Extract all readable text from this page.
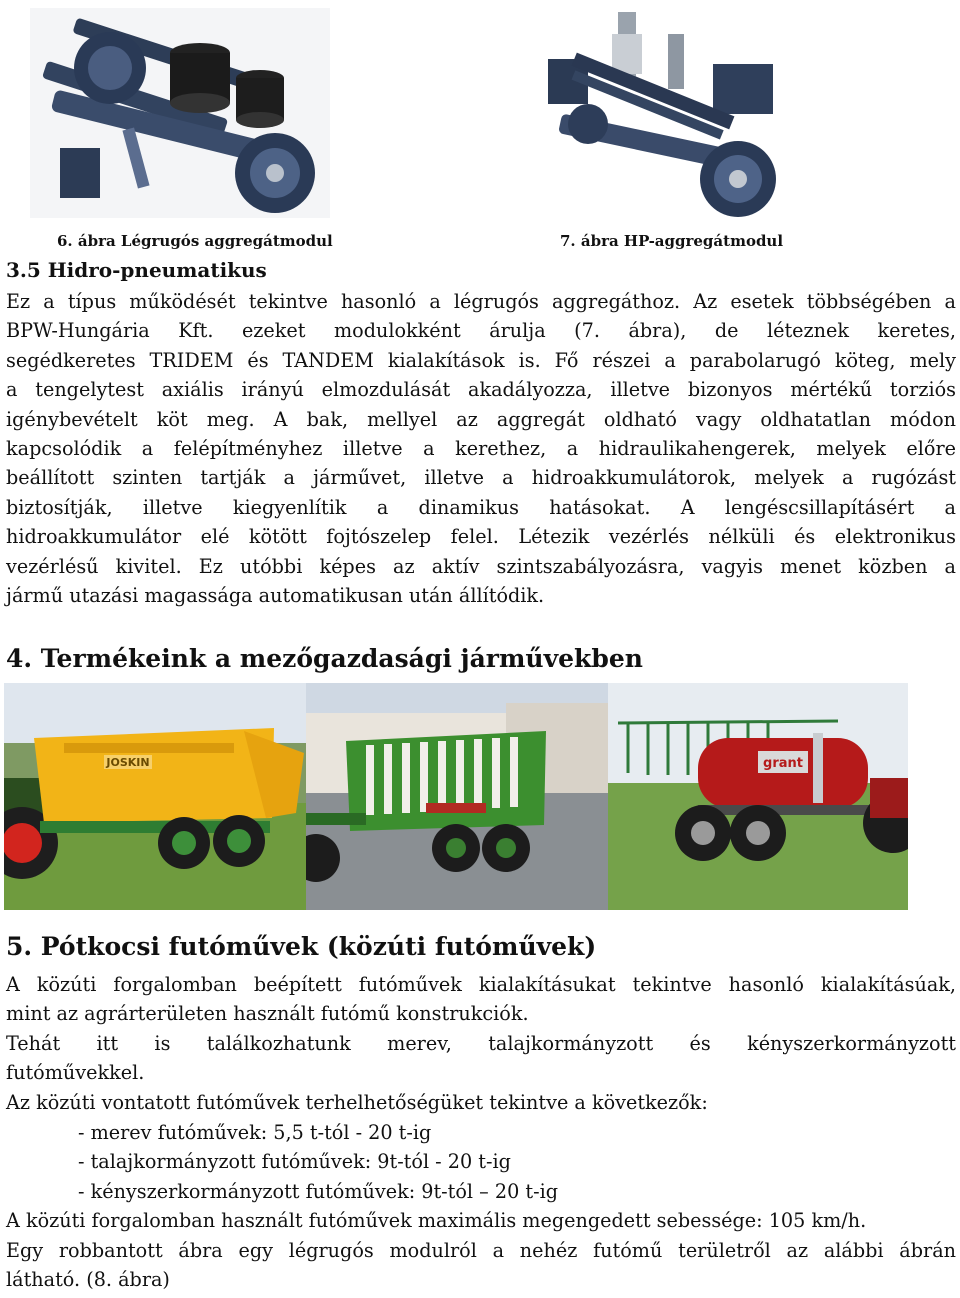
6. ábra Légrugós aggregátmodul	7. ábra HP-aggregátmodul
3.5 Hidro-pneumatikus
Ez a típus működését tekintve hasonló a légrugós aggregáthoz. Az esetek többségében a
BPW-Hungária Kft. ezeket modulokként árulja (7. ábra), de léteznek keretes,
segédkeretes TRIDEM és TANDEM kialakítások is. Fő részei a parabolarugó köteg, mely
a tengelytest axiális irányú elmozdulását akadályozza, illetve bizonyos mértékű torziós
igénybevételt köt meg. A bak, mellyel az aggregát oldható vagy oldhatatlan módon
kapcsolódik a felépítményhez illetve a kerethez, a hidraulikahengerek, melyek előre
beállított szinten tartják a járművet, illetve a hidroakkumulátorok, melyek a rugózást
biztosítják, illetve kiegyenlítik a dinamikus hatásokat. A lengéscsillapításért a
hidroakkumulátor elé kötött fojtószelep felel. Létezik vezérlés nélküli és elektronikus
vezérlésű kivitel. Ez utóbbi képes az aktív szintszabályozásra, vagyis menet közben a
jármű utazási magassága automatikusan után állítódik.
4. Termékeink a mezőgazdasági járművekben
JOSKIN	grant
5. Pótkocsi futóművek (közúti futóművek)
A közúti forgalomban beépített futóművek kialakításukat tekintve hasonló kialakításúak,
mint az agrárterületen használt futómű konstrukciók.
Tehát itt is találkozhatunk merev, talajkormányzott és kényszerkormányzott
futóművekkel.
Az közúti vontatott futóművek terhelhetőségüket tekintve a következők:
- merev futóművek: 5,5 t-tól - 20 t-ig
- talajkormányzott futóművek: 9t-tól - 20 t-ig
- kényszerkormányzott futóművek: 9t-tól – 20 t-ig
A közúti forgalomban használt futóművek maximális megengedett sebessége: 105 km/h.
Egy robbantott ábra egy légrugós modulról a nehéz futómű területről az alábbi ábrán
látható. (8. ábra)
